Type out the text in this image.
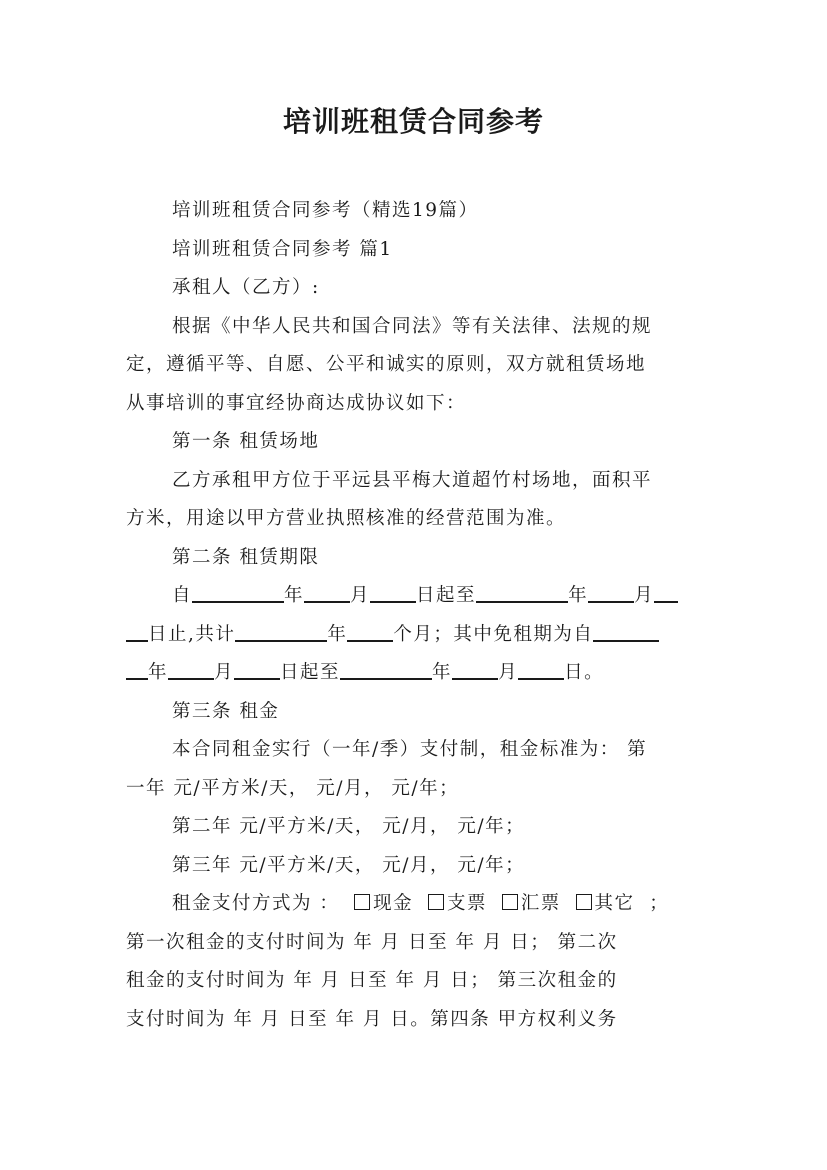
培训班租赁合同参考
培训班租赁合同参考（精选19篇）
培训班租赁合同参考 篇1
承租人（乙方）:
根据《中华人民共和国合同法》等有关法律、法规的规
定，遵循平等、自愿、公平和诚实的原则，双方就租赁场地
从事培训的事宜经协商达成协议如下：
第一条 租赁场地
乙方承租甲方位于平远县平梅大道超竹村场地，面积平
方米，用途以甲方营业执照核准的经营范围为准。
第二条 租赁期限
自	年 月 日起至	年 月
日止,共计	年 个月；其中免租期为自
年 月 日起至	年 月 日。
第三条 租金
本合同租金实行（一年/季）支付制，租金标准为： 第
一年 元/平方米/天， 元/月， 元/年；
第二年 元/平方米/天， 元/月， 元/年；
第三年 元/平方米/天， 元/月， 元/年；
租金支付方式为 ： 现金 支票 汇票 其它 ；
第一次租金的支付时间为 年 月 日至 年 月 日； 第二次
租金的支付时间为 年 月 日至 年 月 日； 第三次租金的
支付时间为 年 月 日至 年 月 日。第四条 甲方权利义务
